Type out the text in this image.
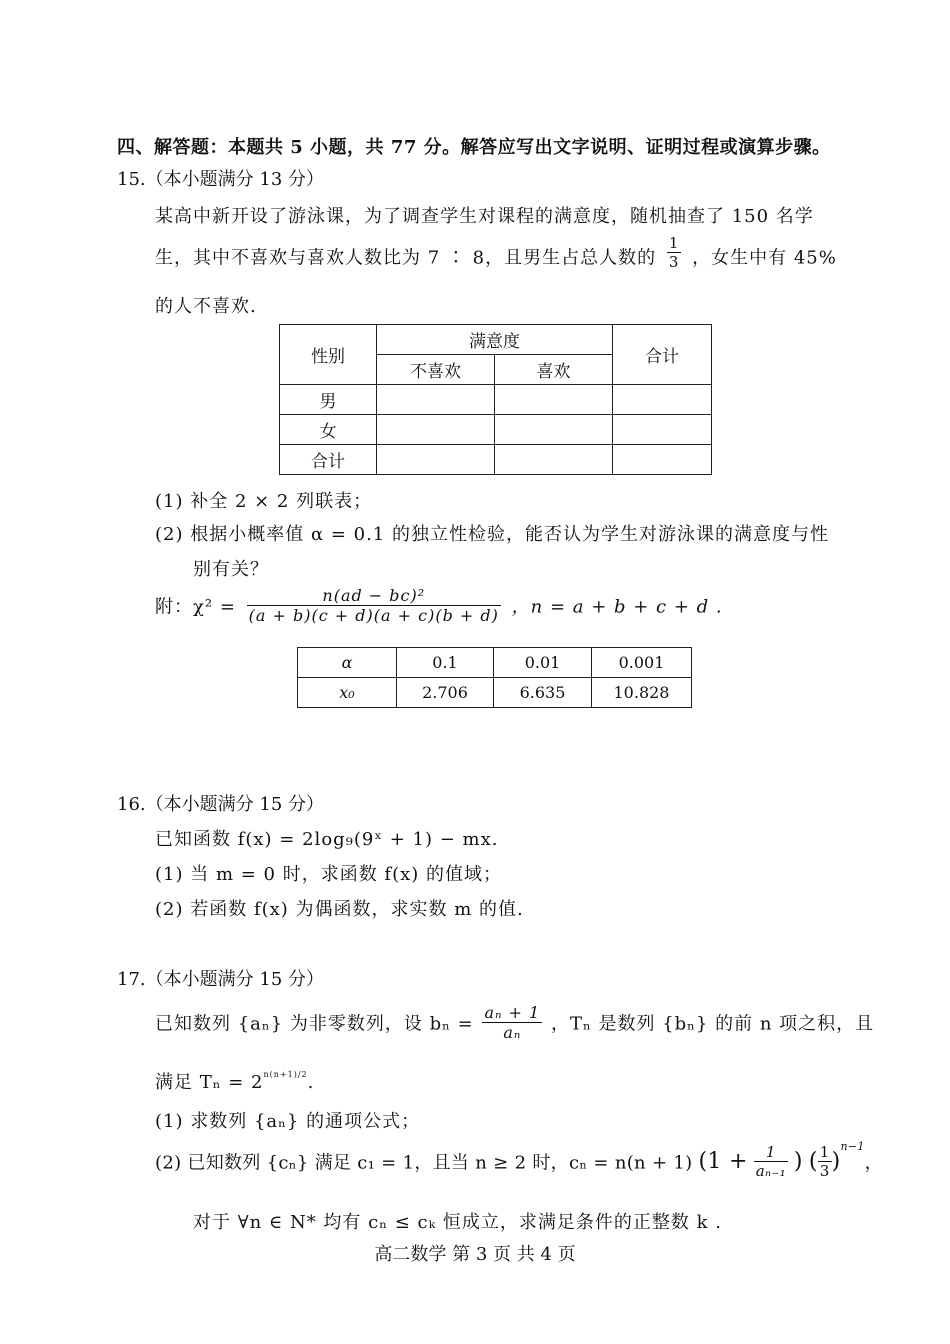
四、解答题：本题共 5 小题，共 77 分。解答应写出文字说明、证明过程或演算步骤。
15.（本小题满分 13 分）
某高中新开设了游泳课，为了调查学生对课程的满意度，随机抽查了 150 名学
生，其中不喜欢与喜欢人数比为 7 ∶ 8，且男生占总人数的 $\frac{1}{3}$ ，女生中有 45%
的人不喜欢.
性别	满意度		合计
	不喜欢	喜欢	
男			
女			
合计			
(1) 补全 2 × 2 列联表；
(2) 根据小概率值 α = 0.1 的独立性检验，能否认为学生对游泳课的满意度与性
别有关？
附：$\chi^2 = \frac{\text{n(ad − bc)²}}{(a + b)(c + d)(a + c)(b + d)}$ ，n = a + b + c + d .
α	0.1	0.01	0.001
x₀	2.706	6.635	10.828
16.（本小题满分 15 分）
已知函数 f(x) = 2log₉(9ˣ + 1) − mx.
(1) 当 m = 0 时，求函数 f(x) 的值域；
(2) 若函数 f(x) 为偶函数，求实数 m 的值.
17.（本小题满分 15 分）
已知数列 {aₙ} 为非零数列，设 $b_n = \frac{\text{aₙ + 1}}{\text{aₙ}}$ ，Tₙ 是数列 {bₙ} 的前 n 项之积，且
满足 $T_n = 2^{n(n+1)/2}$.
(1) 求数列 {aₙ} 的通项公式；
(2) 已知数列 {cₙ} 满足 c₁ = 1，且当 n ≥ 2 时，cₙ = n(n + 1) ($1 + \frac{1}{\text{aₙ₋₁}}$ ) ( $\frac{1}{3} )^{n-1}$，
对于 ∀n ∈ N* 均有 cₙ ≤ cₖ 恒成立，求满足条件的正整数 k .
高二数学 第 3 页 共 4 页
